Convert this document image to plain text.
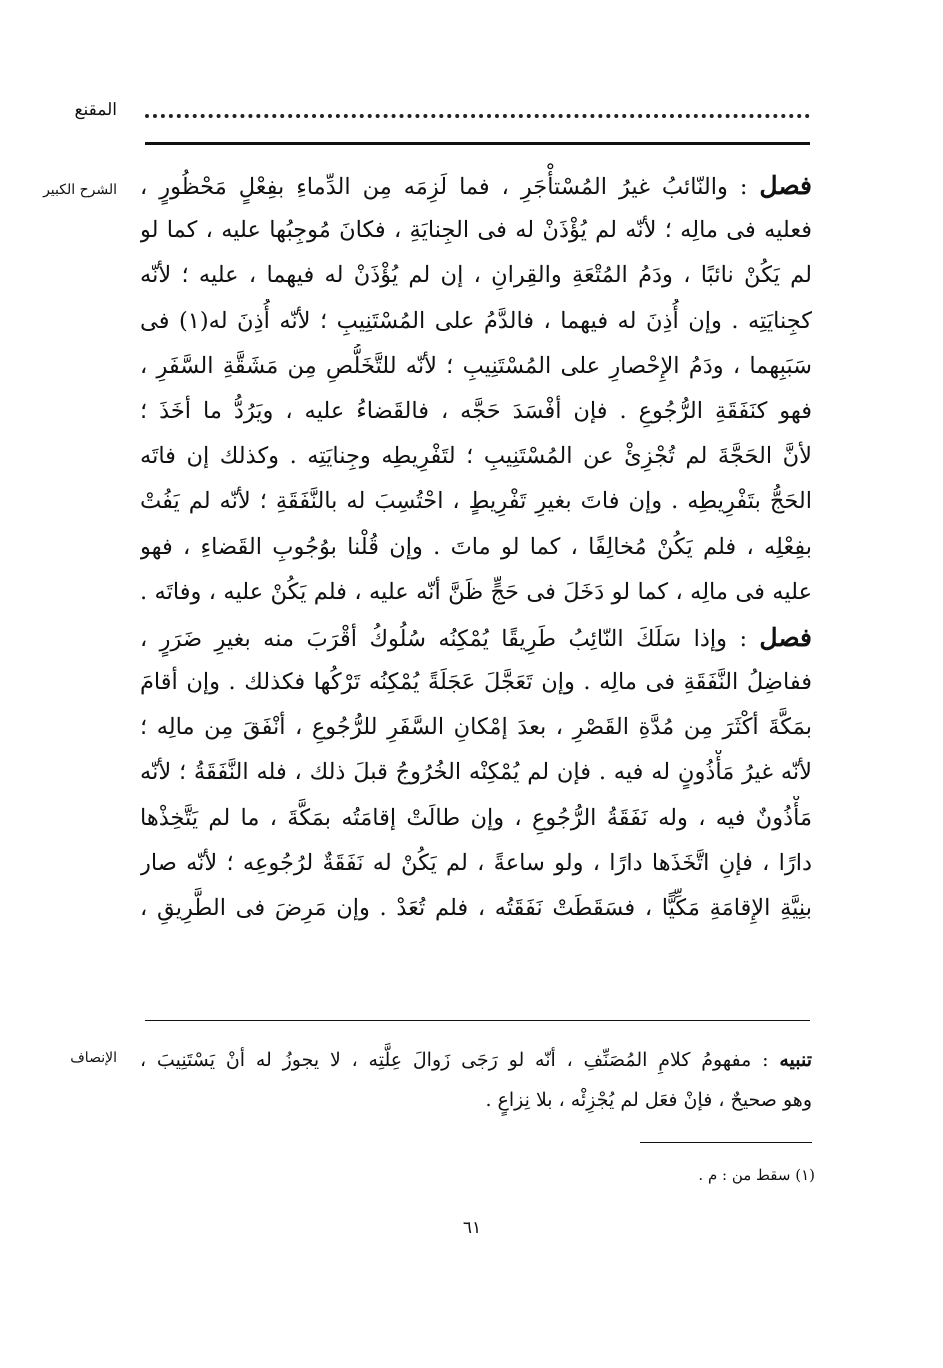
المقنع
الشرح الكبير	فصل : والنّائبُ غيرُ المُسْتأْجَرِ ، فما لَزِمَه مِن الدِّماءِ بفِعْلٍ مَحْظُورٍ ،
فعليه فى مالِه ؛ لأنّه لم يُؤْذَنْ له فى الجِنايَةِ ، فكانَ مُوجِبُها عليه ، كما لو
لم يَكُنْ نائبًا ، ودَمُ المُتْعَةِ والقِرانِ ، إن لم يُؤْذَنْ له فيهما ، عليه ؛ لأنّه
كجِنايَتِه . وإن أُذِنَ له فيهما ، فالدَّمُ على المُسْتَنِيبِ ؛ لأنّه أُذِنَ له(١) فى
سَبَبِهما ، ودَمُ الإِحْصارِ على المُسْتَنِيبِ ؛ لأنّه للتَّخَلُّصِ مِن مَشَقَّةِ السَّفَرِ ،
فهو كنَفَقَةِ الرُّجُوعِ . فإن أفْسَدَ حَجَّه ، فالقَضاءُ عليه ، ويَرُدُّ ما أخَذَ ؛
لأنَّ الحَجَّةَ لم تُجْزِئْ عن المُسْتَنِيبِ ؛ لتَفْرِيطِه وجِنايَتِه . وكذلك إن فاتَه
الحَجُّ بتَفْرِيطِه . وإن فاتَ بغيرِ تَفْرِيطٍ ، احْتُسِبَ له بالنَّفَقَةِ ؛ لأنّه لم يَفُتْ
بفِعْلِه ، فلم يَكُنْ مُخالِفًا ، كما لو ماتَ . وإن قُلْنا بوُجُوبِ القَضاءِ ، فهو
عليه فى مالِه ، كما لو دَخَلَ فى حَجٍّ ظَنَّ أنّه عليه ، فلم يَكُنْ عليه ، وفاتَه .
فصل : وإذا سَلَكَ النّائِبُ طَرِيقًا يُمْكِنُه سُلُوكُ أقْرَبَ منه بغيرِ ضَرَرٍ ،
ففاضِلُ النَّفَقَةِ فى مالِه . وإن تَعَجَّلَ عَجَلَةً يُمْكِنُه تَرْكُها فكذلك . وإن أقامَ
بمَكَّةَ أكْثَرَ مِن مُدَّةِ القَصْرِ ، بعدَ إمْكانِ السَّفَرِ للرُّجُوعِ ، أنْفَقَ مِن مالِه ؛
لأنّه غيرُ مَأْذُونٍ له فيه . فإن لم يُمْكِنْه الخُرُوجُ قبلَ ذلك ، فله النَّفَقَةُ ؛ لأنّه
مَأْذُونٌ فيه ، وله نَفَقَةُ الرُّجُوعِ ، وإن طالَتْ إقامَتُه بمَكَّةَ ، ما لم يَتَّخِذْها
دارًا ، فإنِ اتَّخَذَها دارًا ، ولو ساعةً ، لم يَكُنْ له نَفَقَةٌ لرُجُوعِه ؛ لأنّه صار
بنِيَّةِ الإِقامَةِ مَكِّيًّا ، فسَقَطَتْ نَفَقَتُه ، فلم تُعَدْ . وإن مَرِضَ فى الطَّرِيقِ ،
الإنصاف	تنبيه : مفهومُ كلامِ المُصَنِّفِ ، أنّه لو رَجَى زَوالَ عِلَّتِه ، لا يجوزُ له أنْ يَسْتَنِيبَ ،
وهو صحيحٌ ، فإنْ فعَل لم يُجْزِئْه ، بلا نِزاعٍ .
(١) سقط من : م .
٦١
